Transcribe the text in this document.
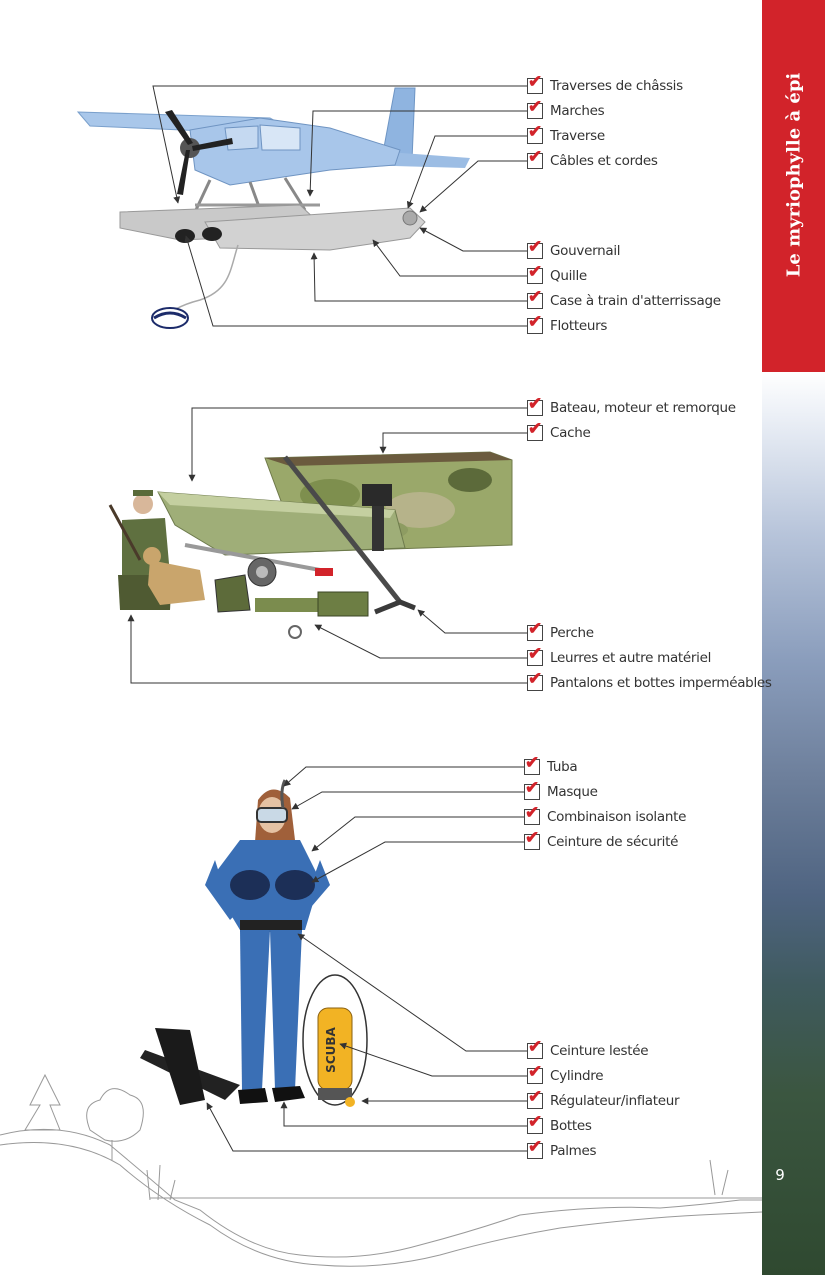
SCUBA
Le myriophylle à épi
9
✔
Traverses de châssis
✔
Marches
✔
Traverse
✔
Câbles et cordes
✔
Gouvernail
✔
Quille
✔
Case à train d'atterrissage
✔
Flotteurs
✔
Bateau, moteur et remorque
✔
Cache
✔
Perche
✔
Leurres et autre matériel
✔
Pantalons et bottes imperméables
✔
Tuba
✔
Masque
✔
Combinaison isolante
✔
Ceinture de sécurité
✔
Ceinture lestée
✔
Cylindre
✔
Régulateur/inflateur
✔
Bottes
✔
Palmes
